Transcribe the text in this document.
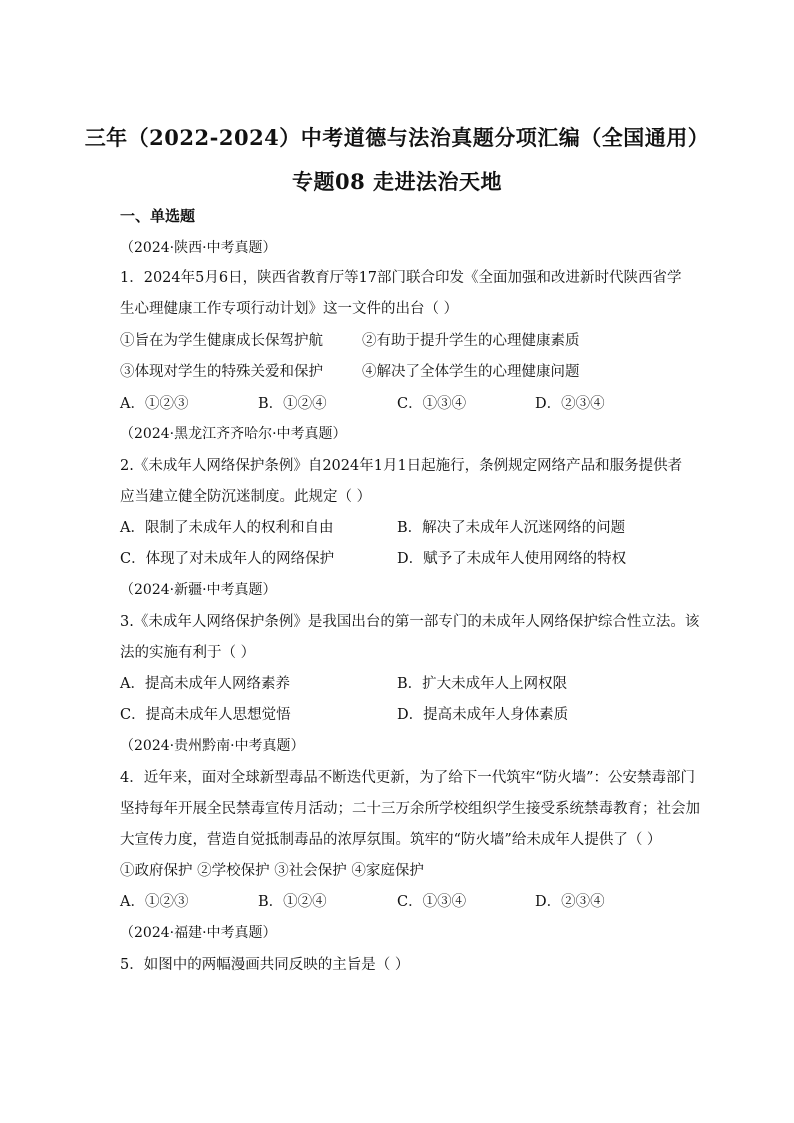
三年（2022-2024）中考道德与法治真题分项汇编（全国通用）
专题08 走进法治天地
一、单选题
（2024·陕西·中考真题）
1．2024年5月6日，陕西省教育厅等17部门联合印发《全面加强和改进新时代陕西省学
生心理健康工作专项行动计划》这一文件的出台（ ）
①旨在为学生健康成长保驾护航	②有助于提升学生的心理健康素质
③体现对学生的特殊关爱和保护	④解决了全体学生的心理健康问题
A．①②③	B．①②④	C．①③④	D．②③④
（2024·黑龙江齐齐哈尔·中考真题）
2.《未成年人网络保护条例》自2024年1月1日起施行，条例规定网络产品和服务提供者
应当建立健全防沉迷制度。此规定（ ）
A．限制了未成年人的权利和自由	B．解决了未成年人沉迷网络的问题
C．体现了对未成年人的网络保护	D．赋予了未成年人使用网络的特权
（2024·新疆·中考真题）
3.《未成年人网络保护条例》是我国出台的第一部专门的未成年人网络保护综合性立法。该
法的实施有利于（ ）
A．提高未成年人网络素养	B．扩大未成年人上网权限
C．提高未成年人思想觉悟	D．提高未成年人身体素质
（2024·贵州黔南·中考真题）
4．近年来，面对全球新型毒品不断迭代更新，为了给下一代筑牢“防火墙”：公安禁毒部门
坚持每年开展全民禁毒宣传月活动；二十三万余所学校组织学生接受系统禁毒教育；社会加
大宣传力度，营造自觉抵制毒品的浓厚氛围。筑牢的“防火墙”给未成年人提供了（ ）
①政府保护 ②学校保护 ③社会保护 ④家庭保护
A．①②③	B．①②④	C．①③④	D．②③④
（2024·福建·中考真题）
5．如图中的两幅漫画共同反映的主旨是（ ）
